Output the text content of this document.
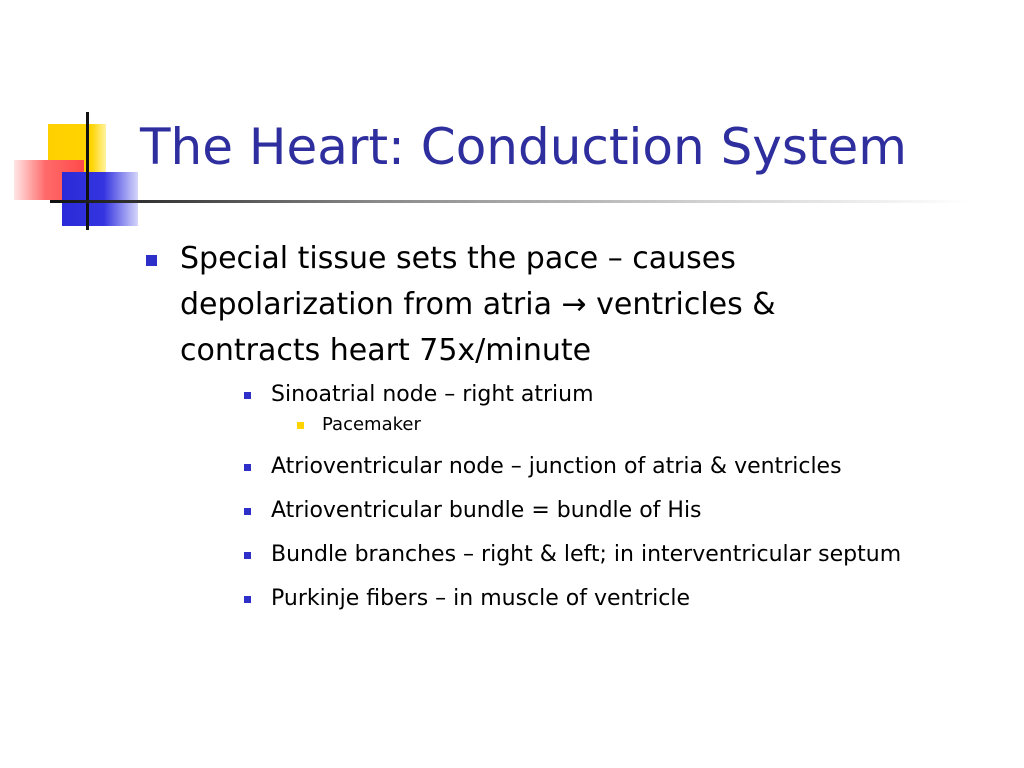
The Heart: Conduction System
Special tissue sets the pace – causes depolarization from atria → ventricles & contracts heart 75x/minute
Sinoatrial node – right atrium
Pacemaker
Atrioventricular node – junction of atria & ventricles
Atrioventricular bundle = bundle of His
Bundle branches – right & left; in interventricular septum
Purkinje fibers – in muscle of ventricle
